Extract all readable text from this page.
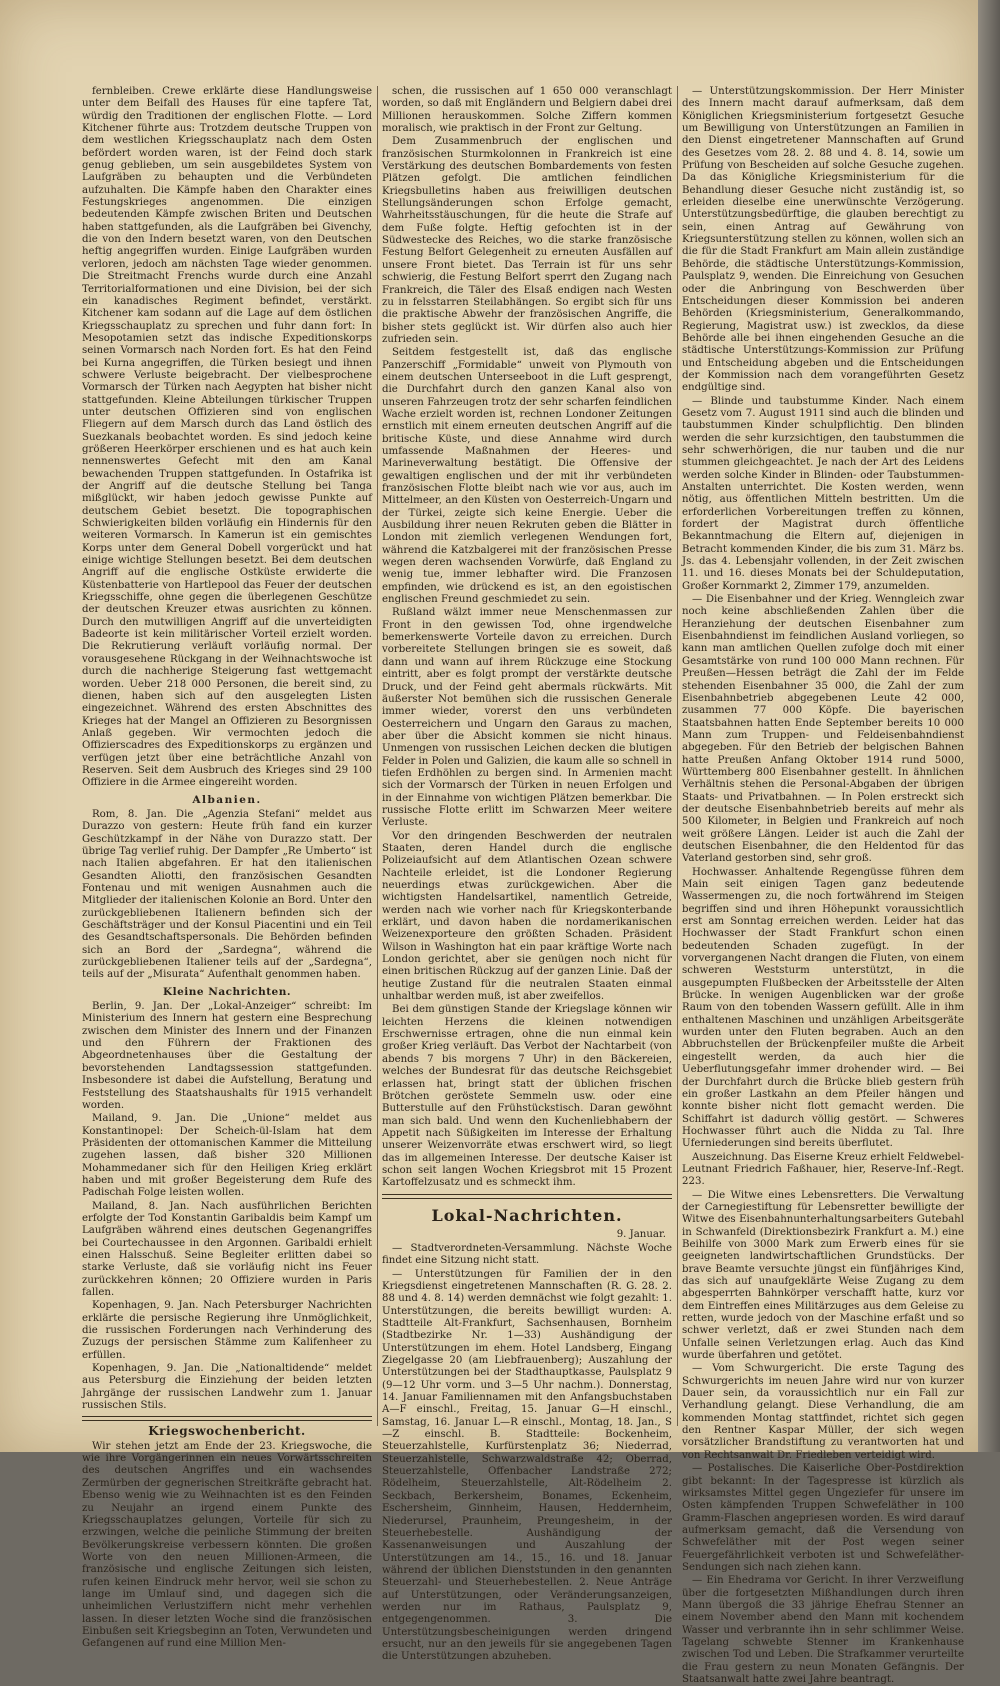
fernbleiben. Crewe erklärte diese Handlungsweise unter dem Beifall des Hauses für eine tapfere Tat, würdig den Traditionen der englischen Flotte. — Lord Kitchener führte aus: Trotzdem deutsche Truppen von dem westlichen Kriegsschauplatz nach dem Osten befördert worden waren, ist der Feind doch stark genug geblieben, um sein ausgebildetes System von Laufgräben zu behaupten und die Verbündeten aufzuhalten. Die Kämpfe haben den Charakter eines Festungskrieges angenommen. Die einzigen bedeutenden Kämpfe zwischen Briten und Deutschen haben stattgefunden, als die Laufgräben bei Givenchy, die von den Indern besetzt waren, von den Deutschen heftig angegriffen wurden. Einige Laufgräben wurden verloren, jedoch am nächsten Tage wieder genommen. Die Streitmacht Frenchs wurde durch eine Anzahl Territorialformationen und eine Division, bei der sich ein kanadisches Regiment befindet, verstärkt. Kitchener kam sodann auf die Lage auf dem östlichen Kriegsschauplatz zu sprechen und fuhr dann fort: In Mesopotamien setzt das indische Expeditionskorps seinen Vormarsch nach Norden fort. Es hat den Feind bei Kurna angegriffen, die Türken besiegt und ihnen schwere Verluste beigebracht. Der vielbesprochene Vormarsch der Türken nach Aegypten hat bisher nicht stattgefunden. Kleine Abteilungen türkischer Truppen unter deutschen Offizieren sind von englischen Fliegern auf dem Marsch durch das Land östlich des Suezkanals beobachtet worden. Es sind jedoch keine größeren Heerkörper erschienen und es hat auch kein nennenswertes Gefecht mit den am Kanal bewachenden Truppen stattgefunden. In Ostafrika ist der Angriff auf die deutsche Stellung bei Tanga mißglückt, wir haben jedoch gewisse Punkte auf deutschem Gebiet besetzt. Die topographischen Schwierigkeiten bilden vorläufig ein Hindernis für den weiteren Vormarsch. In Kamerun ist ein gemischtes Korps unter dem General Dobell vorgerückt und hat einige wichtige Stellungen besetzt. Bei dem deutschen Angriff auf die englische Ostküste erwiderte die Küstenbatterie von Hartlepool das Feuer der deutschen Kriegsschiffe, ohne gegen die überlegenen Geschütze der deutschen Kreuzer etwas ausrichten zu können. Durch den mutwilligen Angriff auf die unverteidigten Badeorte ist kein militärischer Vorteil erzielt worden. Die Rekrutierung verläuft vorläufig normal. Der vorausgesehene Rückgang in der Weihnachtswoche ist durch die nachherige Steigerung fast wettgemacht worden. Ueber 218 000 Personen, die bereit sind, zu dienen, haben sich auf den ausgelegten Listen eingezeichnet. Während des ersten Abschnittes des Krieges hat der Mangel an Offizieren zu Besorgnissen Anlaß gegeben. Wir vermochten jedoch die Offizierscadres des Expeditionskorps zu ergänzen und verfügen jetzt über eine beträchtliche Anzahl von Reserven. Seit dem Ausbruch des Krieges sind 29 100 Offiziere in die Armee eingereiht worden.

Albanien.

Rom, 8. Jan. Die „Agenzia Stefani“ meldet aus Durazzo von gestern: Heute früh fand ein kurzer Geschützkampf in der Nähe von Durazzo statt. Der übrige Tag verlief ruhig. Der Dampfer „Re Umberto“ ist nach Italien abgefahren. Er hat den italienischen Gesandten Aliotti, den französischen Gesandten Fontenau und mit wenigen Ausnahmen auch die Mitglieder der italienischen Kolonie an Bord. Unter den zurückgebliebenen Italienern befinden sich der Geschäftsträger und der Konsul Piacentini und ein Teil des Gesandtschaftspersonals. Die Behörden befinden sich an Bord der „Sardegna“, während die zurückgebliebenen Italiener teils auf der „Sardegna“, teils auf der „Misurata“ Aufenthalt genommen haben.

Kleine Nachrichten.

Berlin, 9. Jan. Der „Lokal-Anzeiger“ schreibt: Im Ministerium des Innern hat gestern eine Besprechung zwischen dem Minister des Innern und der Finanzen und den Führern der Fraktionen des Abgeordnetenhauses über die Gestaltung der bevorstehenden Landtagssession stattgefunden. Insbesondere ist dabei die Aufstellung, Beratung und Feststellung des Staatshaushalts für 1915 verhandelt worden.

Mailand, 9. Jan. Die „Unione“ meldet aus Konstantinopel: Der Scheich-ül-Islam hat dem Präsidenten der ottomanischen Kammer die Mitteilung zugehen lassen, daß bisher 320 Millionen Mohammedaner sich für den Heiligen Krieg erklärt haben und mit großer Begeisterung dem Rufe des Padischah Folge leisten wollen.

Mailand, 8. Jan. Nach ausführlichen Berichten erfolgte der Tod Konstantin Garibaldis beim Kampf um Laufgräben während eines deutschen Gegenangriffes bei Courtechaussee in den Argonnen. Garibaldi erhielt einen Halsschuß. Seine Begleiter erlitten dabei so starke Verluste, daß sie vorläufig nicht ins Feuer zurückkehren können; 20 Offiziere wurden in Paris fallen.

Kopenhagen, 9. Jan. Nach Petersburger Nachrichten erklärte die persische Regierung ihre Unmöglichkeit, die russischen Forderungen nach Verhinderung des Zuzugs der persischen Stämme zum Kalifenheer zu erfüllen.

Kopenhagen, 9. Jan. Die „Nationaltidende“ meldet aus Petersburg die Einziehung der beiden letzten Jahrgänge der russischen Landwehr zum 1. Januar russischen Stils.

Kriegswochenbericht.

Wir stehen jetzt am Ende der 23. Kriegswoche, die wie ihre Vorgängerinnen ein neues Vorwärtsschreiten des deutschen Angriffes und ein wachsendes Zermürben der gegnerischen Streitkräfte gebracht hat. Ebenso wenig wie zu Weihnachten ist es den Feinden zu Neujahr an irgend einem Punkte des Kriegsschauplatzes gelungen, Vorteile für sich zu erzwingen, welche die peinliche Stimmung der breiten Bevölkerungskreise verbessern könnten. Die großen Worte von den neuen Millionen-Armeen, die französische und englische Zeitungen sich leisten, rufen keinen Eindruck mehr hervor, weil sie schon zu lange im Umlauf sind, und dagegen sich die unheimlichen Verlustziffern nicht mehr verhehlen lassen. In dieser letzten Woche sind die französischen Einbußen seit Kriegsbeginn an Toten, Verwundeten und Gefangenen auf rund eine Million Men-

schen, die russischen auf 1 650 000 veranschlagt worden, so daß mit Engländern und Belgiern dabei drei Millionen herauskommen. Solche Ziffern kommen moralisch, wie praktisch in der Front zur Geltung.

Dem Zusammenbruch der englischen und französischen Sturmkolonnen in Frankreich ist eine Verstärkung des deutschen Bombardements von festen Plätzen gefolgt. Die amtlichen feindlichen Kriegsbulletins haben aus freiwilligen deutschen Stellungsänderungen schon Erfolge gemacht, Wahrheitsstäuschungen, für die heute die Strafe auf dem Fuße folgte. Heftig gefochten ist in der Südwestecke des Reiches, wo die starke französische Festung Belfort Gelegenheit zu erneuten Ausfällen auf unsere Front bietet. Das Terrain ist für uns sehr schwierig, die Festung Belfort sperrt den Zugang nach Frankreich, die Täler des Elsaß endigen nach Westen zu in felsstarren Steilabhängen. So ergibt sich für uns die praktische Abwehr der französischen Angriffe, die bisher stets geglückt ist. Wir dürfen also auch hier zufrieden sein.

Seitdem festgestellt ist, daß das englische Panzerschiff „Formidable“ unweit von Plymouth von einem deutschen Unterseeboot in die Luft gesprengt, die Durchfahrt durch den ganzen Kanal also von unseren Fahrzeugen trotz der sehr scharfen feindlichen Wache erzielt worden ist, rechnen Londoner Zeitungen ernstlich mit einem erneuten deutschen Angriff auf die britische Küste, und diese Annahme wird durch umfassende Maßnahmen der Heeres- und Marineverwaltung bestätigt. Die Offensive der gewaltigen englischen und der mit ihr verbündeten französischen Flotte bleibt nach wie vor aus, auch im Mittelmeer, an den Küsten von Oesterreich-Ungarn und der Türkei, zeigte sich keine Energie. Ueber die Ausbildung ihrer neuen Rekruten geben die Blätter in London mit ziemlich verlegenen Wendungen fort, während die Katzbalgerei mit der französischen Presse wegen deren wachsenden Vorwürfe, daß England zu wenig tue, immer lebhafter wird. Die Franzosen empfinden, wie drückend es ist, an den egoistischen englischen Freund geschmiedet zu sein.

Rußland wälzt immer neue Menschenmassen zur Front in den gewissen Tod, ohne irgendwelche bemerkenswerte Vorteile davon zu erreichen. Durch vorbereitete Stellungen bringen sie es soweit, daß dann und wann auf ihrem Rückzuge eine Stockung eintritt, aber es folgt prompt der verstärkte deutsche Druck, und der Feind geht abermals rückwärts. Mit äußerster Not bemühen sich die russischen Generale immer wieder, vorerst den uns verbündeten Oesterreichern und Ungarn den Garaus zu machen, aber über die Absicht kommen sie nicht hinaus. Unmengen von russischen Leichen decken die blutigen Felder in Polen und Galizien, die kaum alle so schnell in tiefen Erdhöhlen zu bergen sind. In Armenien macht sich der Vormarsch der Türken in neuen Erfolgen und in der Einnahme von wichtigen Plätzen bemerkbar. Die russische Flotte erlitt im Schwarzen Meer weitere Verluste.

Vor den dringenden Beschwerden der neutralen Staaten, deren Handel durch die englische Polizeiaufsicht auf dem Atlantischen Ozean schwere Nachteile erleidet, ist die Londoner Regierung neuerdings etwas zurückgewichen. Aber die wichtigsten Handelsartikel, namentlich Getreide, werden nach wie vorher nach für Kriegskonterbande erklärt, und davon haben die nordamerikanischen Weizenexporteure den größten Schaden. Präsident Wilson in Washington hat ein paar kräftige Worte nach London gerichtet, aber sie genügen noch nicht für einen britischen Rückzug auf der ganzen Linie. Daß der heutige Zustand für die neutralen Staaten einmal unhaltbar werden muß, ist aber zweifellos.

Bei dem günstigen Stande der Kriegslage können wir leichten Herzens die kleinen notwendigen Erschwernisse ertragen, ohne die nun einmal kein großer Krieg verläuft. Das Verbot der Nachtarbeit (von abends 7 bis morgens 7 Uhr) in den Bäckereien, welches der Bundesrat für das deutsche Reichsgebiet erlassen hat, bringt statt der üblichen frischen Brötchen geröstete Semmeln usw. oder eine Butterstulle auf den Frühstückstisch. Daran gewöhnt man sich bald. Und wenn den Kuchenliebhabern der Appetit nach Süßigkeiten im Interesse der Erhaltung unserer Weizenvorräte etwas erschwert wird, so liegt das im allgemeinen Interesse. Der deutsche Kaiser ist schon seit langen Wochen Kriegsbrot mit 15 Prozent Kartoffelzusatz und es schmeckt ihm.

Lokal-Nachrichten.
9. Januar.

— Stadtverordneten-Versammlung. Nächste Woche findet eine Sitzung nicht statt.

— Unterstützungen für Familien der in den Kriegsdienst eingetretenen Mannschaften (R. G. 28. 2. 88 und 4. 8. 14) werden demnächst wie folgt gezahlt: 1. Unterstützungen, die bereits bewilligt wurden: A. Stadtteile Alt-Frankfurt, Sachsenhausen, Bornheim (Stadtbezirke Nr. 1—33) Aushändigung der Unterstützungen im ehem. Hotel Landsberg, Eingang Ziegelgasse 20 (am Liebfrauenberg); Auszahlung der Unterstützungen bei der Stadthauptkasse, Paulsplatz 9 (9—12 Uhr vorm. und 3—5 Uhr nachm.). Donnerstag, 14. Januar Familiennamen mit den Anfangsbuchstaben A—F einschl., Freitag, 15. Januar G—H einschl., Samstag, 16. Januar L—R einschl., Montag, 18. Jan., S—Z einschl. B. Stadtteile: Bockenheim, Steuerzahlstelle, Kurfürstenplatz 36; Niederrad, Steuerzahlstelle, Schwarzwaldstraße 42; Oberrad, Steuerzahlstelle, Offenbacher Landstraße 272; Rödelheim, Steuerzahlstelle, Alt-Rödelheim 2. Seckbach, Berkersheim, Bonames, Eckenheim, Eschersheim, Ginnheim, Hausen, Heddernheim, Niederursel, Praunheim, Preungesheim, in der Steuerhebestelle. Aushändigung der Kassenanweisungen und Auszahlung der Unterstützungen am 14., 15., 16. und 18. Januar während der üblichen Dienststunden in den genannten Steuerzahl- und Steuerhebestellen. 2. Neue Anträge auf Unterstützungen, oder Veränderungsanzeigen, werden nur im Rathaus, Paulsplatz 9, entgegengenommen. 3. Die Unterstützungsbescheinigungen werden dringend ersucht, nur an den jeweils für sie angegebenen Tagen die Unterstützungen abzuheben.

— Unterstützungskommission. Der Herr Minister des Innern macht darauf aufmerksam, daß dem Königlichen Kriegsministerium fortgesetzt Gesuche um Bewilligung von Unterstützungen an Familien in den Dienst eingetretener Mannschaften auf Grund des Gesetzes vom 28. 2. 88 und 4. 8. 14, sowie um Prüfung von Bescheiden auf solche Gesuche zugehen. Da das Königliche Kriegsministerium für die Behandlung dieser Gesuche nicht zuständig ist, so erleiden dieselbe eine unerwünschte Verzögerung. Unterstützungsbedürftige, die glauben berechtigt zu sein, einen Antrag auf Gewährung von Kriegsunterstützung stellen zu können, wollen sich an die für die Stadt Frankfurt am Main allein zuständige Behörde, die städtische Unterstützungs-Kommission, Paulsplatz 9, wenden. Die Einreichung von Gesuchen oder die Anbringung von Beschwerden über Entscheidungen dieser Kommission bei anderen Behörden (Kriegsministerium, Generalkommando, Regierung, Magistrat usw.) ist zwecklos, da diese Behörde alle bei ihnen eingehenden Gesuche an die städtische Unterstützungs-Kommission zur Prüfung und Entscheidung abgeben und die Entscheidungen der Kommission nach dem vorangeführten Gesetz endgültige sind.

— Blinde und taubstumme Kinder. Nach einem Gesetz vom 7. August 1911 sind auch die blinden und taubstummen Kinder schulpflichtig. Den blinden werden die sehr kurzsichtigen, den taubstummen die sehr schwerhörigen, die nur tauben und die nur stummen gleichgeachtet. Je nach der Art des Leidens werden solche Kinder in Blinden- oder Taubstummen-Anstalten unterrichtet. Die Kosten werden, wenn nötig, aus öffentlichen Mitteln bestritten. Um die erforderlichen Vorbereitungen treffen zu können, fordert der Magistrat durch öffentliche Bekanntmachung die Eltern auf, diejenigen in Betracht kommenden Kinder, die bis zum 31. März bs. Js. das 4. Lebensjahr vollenden, in der Zeit zwischen 11. und 16. dieses Monats bei der Schuldeputation, Großer Kornmarkt 2, Zimmer 179, anzumelden.

— Die Eisenbahner und der Krieg. Wenngleich zwar noch keine abschließenden Zahlen über die Heranziehung der deutschen Eisenbahner zum Eisenbahndienst im feindlichen Ausland vorliegen, so kann man amtlichen Quellen zufolge doch mit einer Gesamtstärke von rund 100 000 Mann rechnen. Für Preußen—Hessen beträgt die Zahl der im Felde stehenden Eisenbahner 35 000, die Zahl der zum Eisenbahnbetrieb abgegebenen Leute 42 000, zusammen 77 000 Köpfe. Die bayerischen Staatsbahnen hatten Ende September bereits 10 000 Mann zum Truppen- und Feldeisenbahndienst abgegeben. Für den Betrieb der belgischen Bahnen hatte Preußen Anfang Oktober 1914 rund 5000, Württemberg 800 Eisenbahner gestellt. In ähnlichen Verhältnis stehen die Personal-Abgaben der übrigen Staats- und Privatbahnen. — In Polen erstreckt sich der deutsche Eisenbahnbetrieb bereits auf mehr als 500 Kilometer, in Belgien und Frankreich auf noch weit größere Längen. Leider ist auch die Zahl der deutschen Eisenbahner, die den Heldentod für das Vaterland gestorben sind, sehr groß.

Hochwasser. Anhaltende Regengüsse führen dem Main seit einigen Tagen ganz bedeutende Wassermengen zu, die noch fortwährend im Steigen begriffen sind und ihren Höhepunkt voraussichtlich erst am Sonntag erreichen werden. Leider hat das Hochwasser der Stadt Frankfurt schon einen bedeutenden Schaden zugefügt. In der vorvergangenen Nacht drangen die Fluten, von einem schweren Weststurm unterstützt, in die ausgepumpten Flußbecken der Arbeitsstelle der Alten Brücke. In wenigen Augenblicken war der große Raum von den tobenden Wassern gefüllt. Alle in ihm enthaltenen Maschinen und unzähligen Arbeitsgeräte wurden unter den Fluten begraben. Auch an den Abbruchstellen der Brückenpfeiler mußte die Arbeit eingestellt werden, da auch hier die Ueberflutungsgefahr immer drohender wird. — Bei der Durchfahrt durch die Brücke blieb gestern früh ein großer Lastkahn an dem Pfeiler hängen und konnte bisher nicht flott gemacht werden. Die Schiffahrt ist dadurch völlig gestört. — Schweres Hochwasser führt auch die Nidda zu Tal. Ihre Uferniederungen sind bereits überflutet.

Auszeichnung. Das Eiserne Kreuz erhielt Feldwebel-Leutnant Friedrich Faßhauer, hier, Reserve-Inf.-Regt. 223.

— Die Witwe eines Lebensretters. Die Verwaltung der Carnegiestiftung für Lebensretter bewilligte der Witwe des Eisenbahnunterhaltungsarbeiters Gutebahl in Schwanfeld (Direktionsbezirk Frankfurt a. M.) eine Beihilfe von 3000 Mark zum Erwerb eines für sie geeigneten landwirtschaftlichen Grundstücks. Der brave Beamte versuchte jüngst ein fünfjähriges Kind, das sich auf unaufgeklärte Weise Zugang zu dem abgesperrten Bahnkörper verschafft hatte, kurz vor dem Eintreffen eines Militärzuges aus dem Geleise zu retten, wurde jedoch von der Maschine erfaßt und so schwer verletzt, daß er zwei Stunden nach dem Unfalle seinen Verletzungen erlag. Auch das Kind wurde überfahren und getötet.

— Vom Schwurgericht. Die erste Tagung des Schwurgerichts im neuen Jahre wird nur von kurzer Dauer sein, da voraussichtlich nur ein Fall zur Verhandlung gelangt. Diese Verhandlung, die am kommenden Montag stattfindet, richtet sich gegen den Rentner Kaspar Müller, der sich wegen vorsätzlicher Brandstiftung zu verantworten hat und von Rechtsanwalt Dr. Friedleben verteidigt wird.

— Postalisches. Die Kaiserliche Ober-Postdirektion gibt bekannt: In der Tagespresse ist kürzlich als wirksamstes Mittel gegen Ungeziefer für unsere im Osten kämpfenden Truppen Schwefeläther in 100 Gramm-Flaschen angepriesen worden. Es wird darauf aufmerksam gemacht, daß die Versendung von Schwefeläther mit der Post wegen seiner Feuergefährlichkeit verboten ist und Schwefeläther-Sendungen sich nach ziehen kann.

— Ein Ehedrama vor Gericht. In ihrer Verzweiflung über die fortgesetzten Mißhandlungen durch ihren Mann übergoß die 33 jährige Ehefrau Stenner an einem November abend den Mann mit kochendem Wasser und verbrannte ihn in sehr schlimmer Weise. Tagelang schwebte Stenner im Krankenhause zwischen Tod und Leben. Die Strafkammer verurteilte die Frau gestern zu neun Monaten Gefängnis. Der Staatsanwalt hatte zwei Jahre beantragt.
